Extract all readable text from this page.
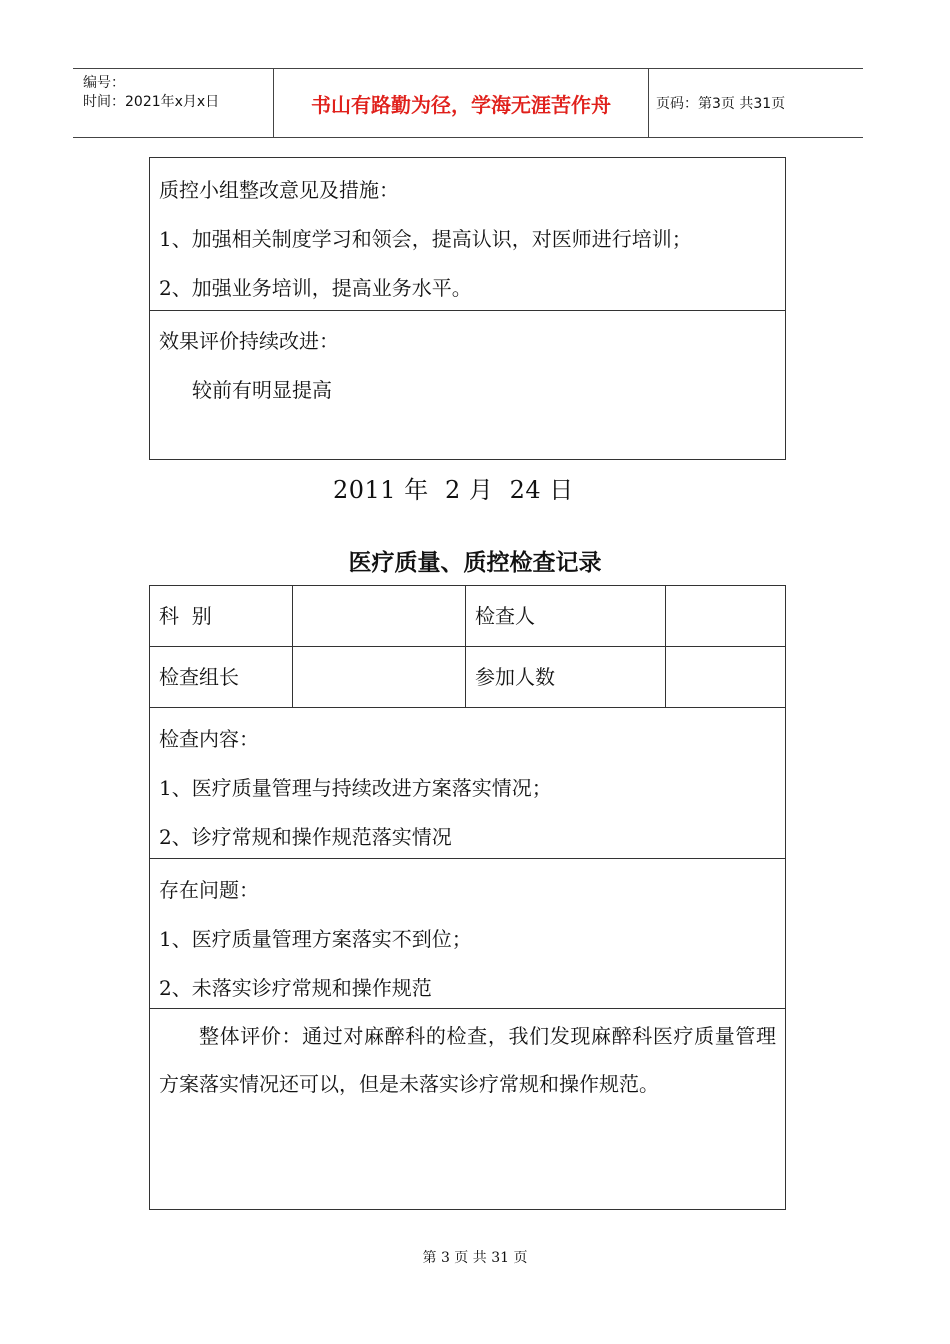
编号：
时间：2021年x月x日	书山有路勤为径，学海无涯苦作舟	页码：第3页 共31页
质控小组整改意见及措施：
1、加强相关制度学习和领会，提高认识，对医师进行培训；
2、加强业务培训，提高业务水平。
效果评价持续改进：
较前有明显提高
2011 年  2 月  24 日
医疗质量、质控检查记录
科  别	检查人
检查组长	参加人数
检查内容：
1、医疗质量管理与持续改进方案落实情况；
2、诊疗常规和操作规范落实情况
存在问题：
1、医疗质量管理方案落实不到位；
2、未落实诊疗常规和操作规范
整体评价：通过对麻醉科的检查，我们发现麻醉科医疗质量管理方案落实情况还可以，但是未落实诊疗常规和操作规范。
第 3 页 共 31 页
